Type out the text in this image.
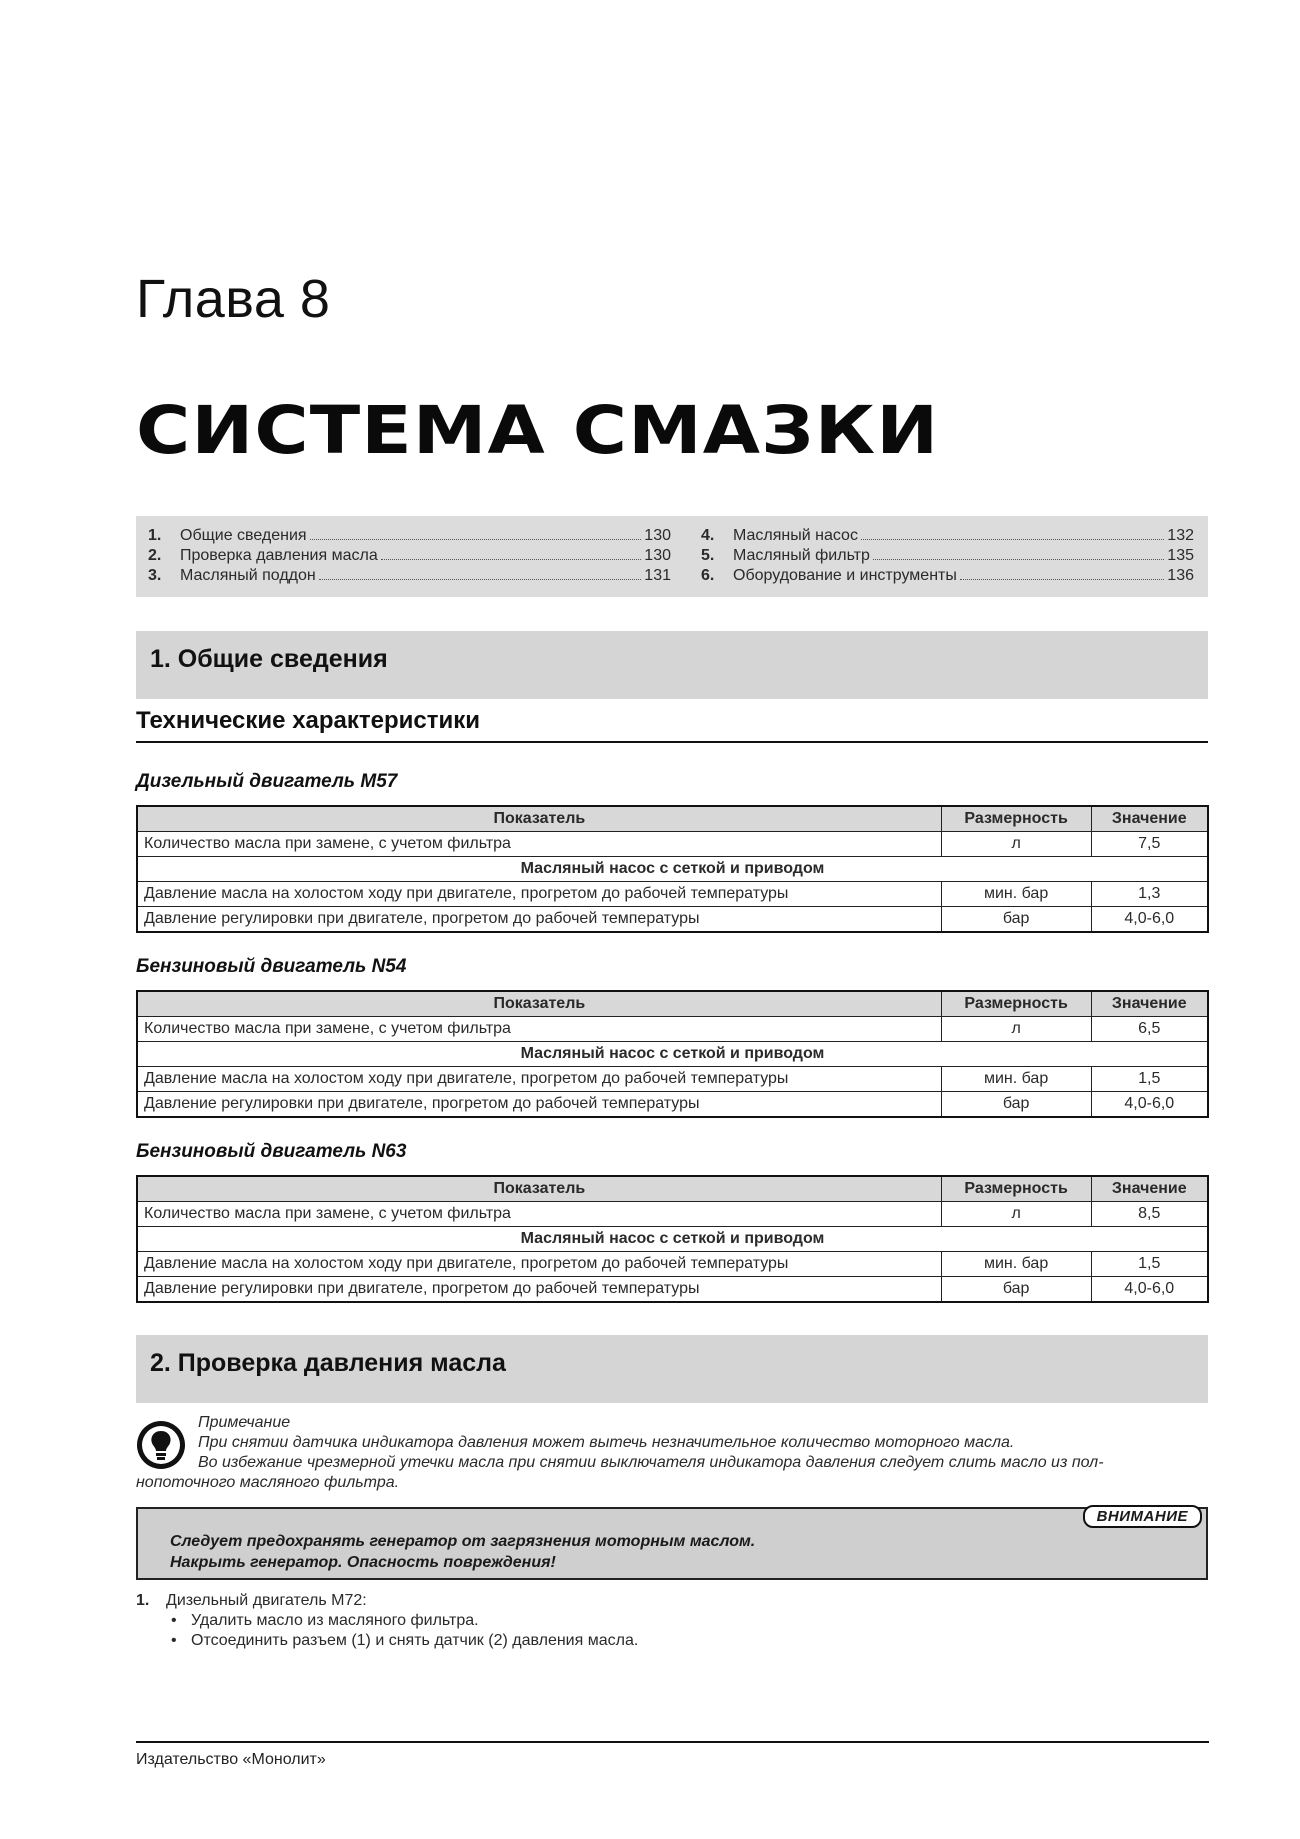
Глава 8
СИСТЕМА СМАЗКИ
1.	Общие сведения	130
2.	Проверка давления масла	130
3.	Масляный поддон	131
4.	Масляный насос	132
5.	Масляный фильтр	135
6.	Оборудование и инструменты	136
1. Общие сведения
Технические характеристики
Дизельный двигатель М57
Показатель	Размерность	Значение
Количество масла при замене, с учетом фильтра	л	7,5
Масляный насос с сеткой и приводом		
Давление масла на холостом ходу при двигателе, прогретом до рабочей температуры	мин. бар	1,3
Давление регулировки при двигателе, прогретом до рабочей температуры	бар	4,0-6,0
Бензиновый двигатель N54
Показатель	Размерность	Значение
Количество масла при замене, с учетом фильтра	л	6,5
Масляный насос с сеткой и приводом		
Давление масла на холостом ходу при двигателе, прогретом до рабочей температуры	мин. бар	1,5
Давление регулировки при двигателе, прогретом до рабочей температуры	бар	4,0-6,0
Бензиновый двигатель N63
Показатель	Размерность	Значение
Количество масла при замене, с учетом фильтра	л	8,5
Масляный насос с сеткой и приводом		
Давление масла на холостом ходу при двигателе, прогретом до рабочей температуры	мин. бар	1,5
Давление регулировки при двигателе, прогретом до рабочей температуры	бар	4,0-6,0
2. Проверка давления масла
Примечание
При снятии датчика индикатора давления может вытечь незначительное количество моторного масла.
Во избежание чрезмерной утечки масла при снятии выключателя индикатора давления следует слить масло из пол-
нопоточного масляного фильтра.
ВНИМАНИЕ
Следует предохранять генератор от загрязнения моторным маслом.
Накрыть генератор. Опасность повреждения!
1. Дизельный двигатель М72:
• Удалить масло из масляного фильтра.
• Отсоединить разъем (1) и снять датчик (2) давления масла.
Издательство «Монолит»
